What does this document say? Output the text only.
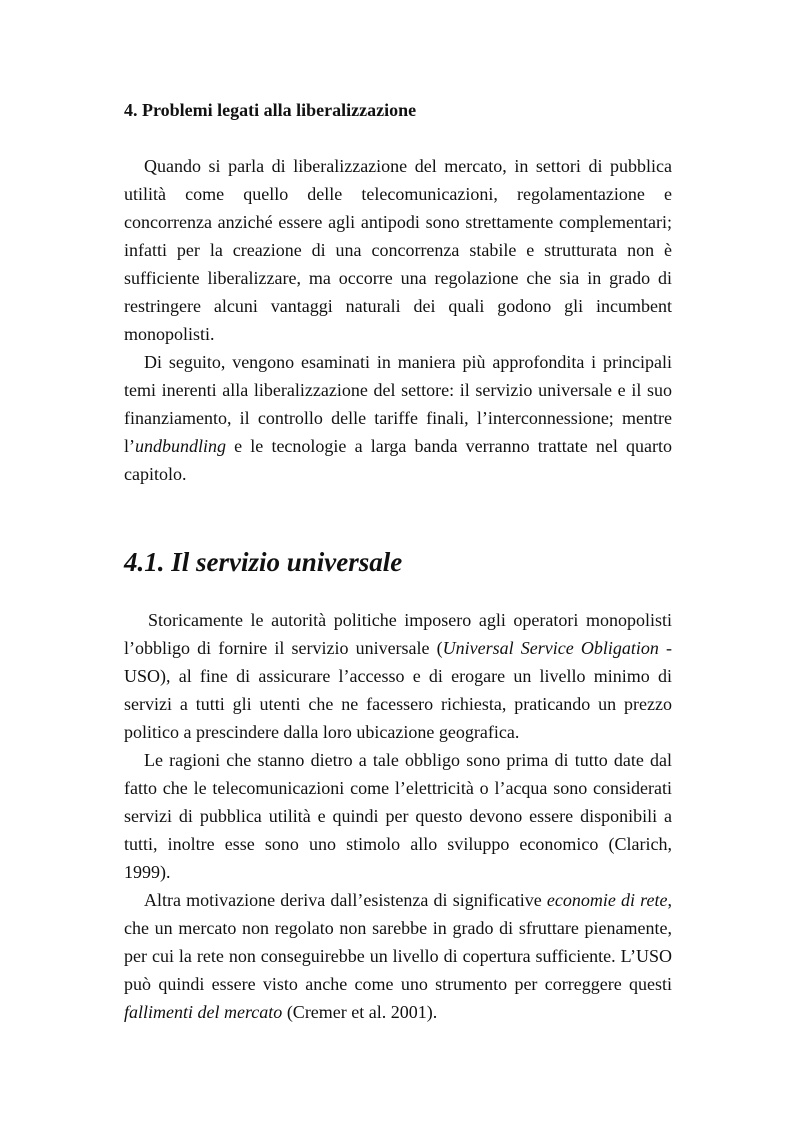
4. Problemi legati alla liberalizzazione

Quando si parla di liberalizzazione del mercato, in settori di pubblica utilità come quello delle telecomunicazioni, regolamentazione e concorrenza anziché essere agli antipodi sono strettamente complementari; infatti per la creazione di una concorrenza stabile e strutturata non è sufficiente liberalizzare, ma occorre una regolazione che sia in grado di restringere alcuni vantaggi naturali dei quali godono gli incumbent monopolisti.

Di seguito, vengono esaminati in maniera più approfondita i principali temi inerenti alla liberalizzazione del settore: il servizio universale e il suo finanziamento, il controllo delle tariffe finali, l’interconnessione; mentre l’undbundling e le tecnologie a larga banda verranno trattate nel quarto capitolo.

4.1. Il servizio universale

Storicamente le autorità politiche imposero agli operatori monopolisti l’obbligo di fornire il servizio universale (Universal Service Obligation - USO), al fine di assicurare l’accesso e di erogare un livello minimo di servizi a tutti gli utenti che ne facessero richiesta, praticando un prezzo politico a prescindere dalla loro ubicazione geografica.

Le ragioni che stanno dietro a tale obbligo sono prima di tutto date dal fatto che le telecomunicazioni come l’elettricità o l’acqua sono considerati servizi di pubblica utilità e quindi per questo devono essere disponibili a tutti, inoltre esse sono uno stimolo allo sviluppo economico (Clarich, 1999).

Altra motivazione deriva dall’esistenza di significative economie di rete, che un mercato non regolato non sarebbe in grado di sfruttare pienamente, per cui la rete non conseguirebbe un livello di copertura sufficiente. L’USO può quindi essere visto anche come uno strumento per correggere questi fallimenti del mercato (Cremer et al. 2001).
